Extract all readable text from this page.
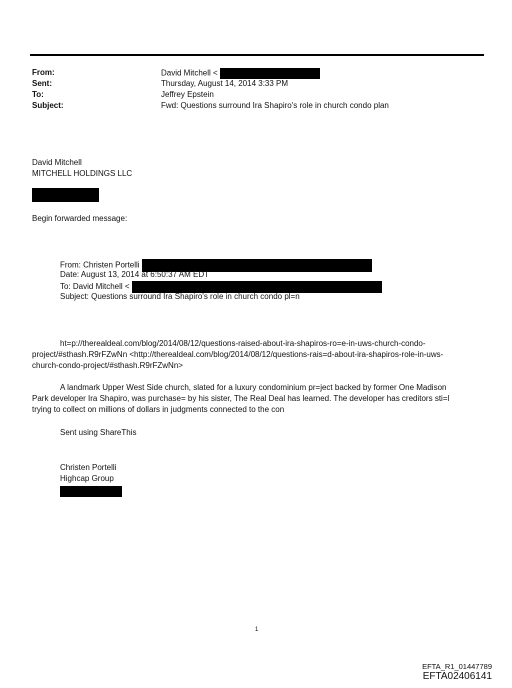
From:	David Mitchell <
Sent:	Thursday, August 14, 2014 3:33 PM
To:	Jeffrey Epstein
Subject:	Fwd: Questions surround Ira Shapiro's role in church condo plan
David Mitchell
MITCHELL HOLDINGS LLC
Begin forwarded message:
From: Christen Portelli
Date: August 13, 2014 at 6:50:37 AM EDT
To: David Mitchell <
Subject: Questions surround Ira Shapiro's role in church condo pl=n
ht=p://therealdeal.com/blog/2014/08/12/questions-raised-about-ira-shapiros-ro=e-in-uws-church-condo-
project/#sthash.R9rFZwNn <http://therealdeal.com/blog/2014/08/12/questions-rais=d-about-ira-shapiros-role-in-uws-
church-condo-project/#sthash.R9rFZwNn>
A landmark Upper West Side church, slated for a luxury condominium pr=ject backed by former One Madison
Park developer Ira Shapiro, was purchase= by his sister, The Real Deal has learned. The developer has creditors sti=l
trying to collect on millions of dollars in judgments connected to the con
Sent using ShareThis
Christen Portelli
Highcap Group
1
EFTA_R1_01447789
EFTA02406141
